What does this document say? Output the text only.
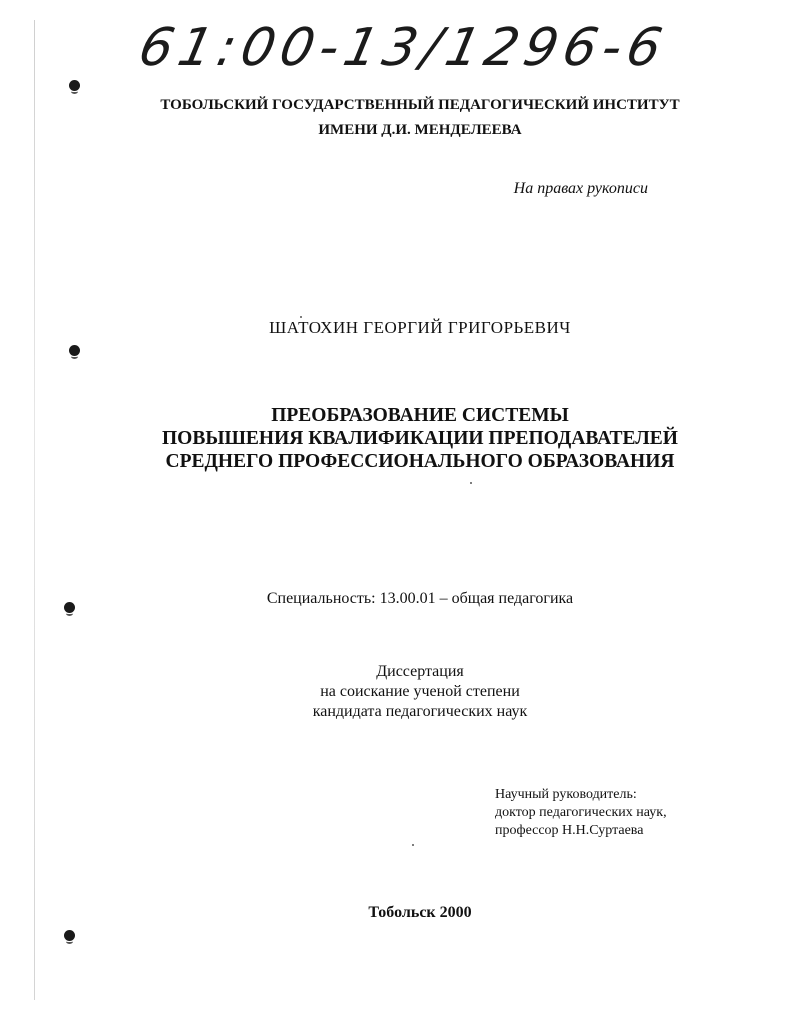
61:00-13/1296-6
ТОБОЛЬСКИЙ ГОСУДАРСТВЕННЫЙ ПЕДАГОГИЧЕСКИЙ ИНСТИТУТ
ИМЕНИ Д.И. МЕНДЕЛЕЕВА
На правах рукописи
ШАТОХИН ГЕОРГИЙ ГРИГОРЬЕВИЧ
ПРЕОБРАЗОВАНИЕ СИСТЕМЫ
ПОВЫШЕНИЯ КВАЛИФИКАЦИИ ПРЕПОДАВАТЕЛЕЙ
СРЕДНЕГО ПРОФЕССИОНАЛЬНОГО ОБРАЗОВАНИЯ
Специальность: 13.00.01 – общая педагогика
Диссертация
на соискание ученой степени
кандидата педагогических наук
Научный руководитель:
доктор педагогических наук,
профессор Н.Н.Суртаева
Тобольск 2000
